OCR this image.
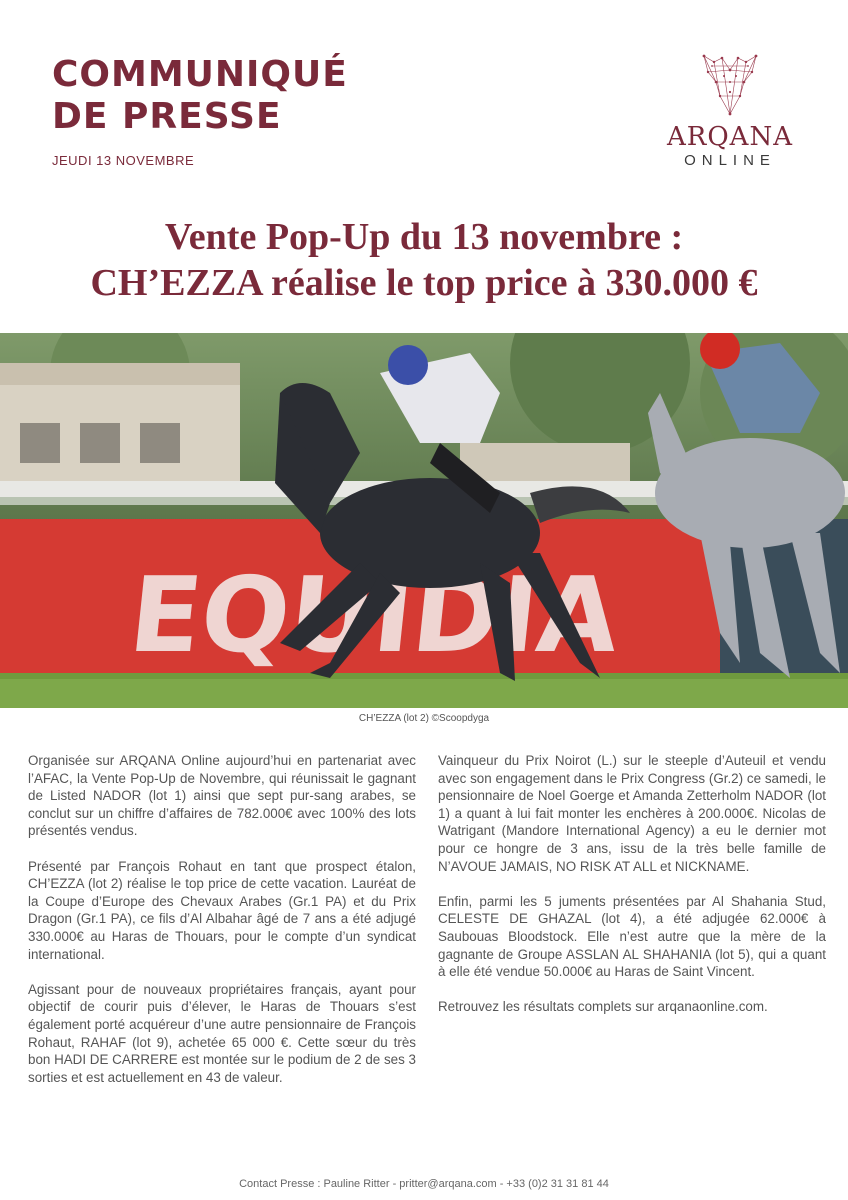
COMMUNIQUÉ
DE PRESSE
JEUDI 13 NOVEMBRE
ARQANA
ONLINE
Vente Pop-Up du 13 novembre :
CH’EZZA réalise le top price à 330.000 €
CH’EZZA (lot 2) ©Scoopdyga

Organisée sur ARQANA Online aujourd’hui en partenariat avec l’AFAC, la Vente Pop-Up de Novembre, qui réunissait le gagnant de Listed NADOR (lot 1) ainsi que sept pur-sang arabes, se conclut sur un chiffre d’affaires de 782.000€ avec 100% des lots présentés vendus.

Présenté par François Rohaut en tant que prospect étalon, CH’EZZA (lot 2) réalise le top price de cette vacation. Lauréat de la Coupe d’Europe des Chevaux Arabes (Gr.1 PA) et du Prix Dragon (Gr.1 PA), ce fils d’Al Albahar âgé de 7 ans a été adjugé 330.000€ au Haras de Thouars, pour le compte d’un syndicat international.

Agissant pour de nouveaux propriétaires français, ayant pour objectif de courir puis d’élever, le Haras de Thouars s’est également porté acquéreur d’une autre pensionnaire de François Rohaut, RAHAF (lot 9), achetée 65 000 €. Cette sœur du très bon HADI DE CARRERE est montée sur le podium de 2 de ses 3 sorties et est actuellement en 43 de valeur.

Vainqueur du Prix Noirot (L.) sur le steeple d’Auteuil et vendu avec son engagement dans le Prix Congress (Gr.2) ce samedi, le pensionnaire de Noel Goerge et Amanda Zetterholm NADOR (lot 1) a quant à lui fait monter les enchères à 200.000€. Nicolas de Watrigant (Mandore International Agency) a eu le dernier mot pour ce hongre de 3 ans, issu de la très belle famille de N’AVOUE JAMAIS, NO RISK AT ALL et NICKNAME.

Enfin, parmi les 5 juments présentées par Al Shahania Stud, CELESTE DE GHAZAL (lot 4), a été adjugée 62.000€ à Saubouas Bloodstock. Elle n’est autre que la mère de la gagnante de Groupe ASSLAN AL SHAHANIA (lot 5), qui a quant à elle été vendue 50.000€ au Haras de Saint Vincent.

Retrouvez les résultats complets sur arqanaonline.com.

Contact Presse : Pauline Ritter - pritter@arqana.com - +33 (0)2 31 31 81 44
